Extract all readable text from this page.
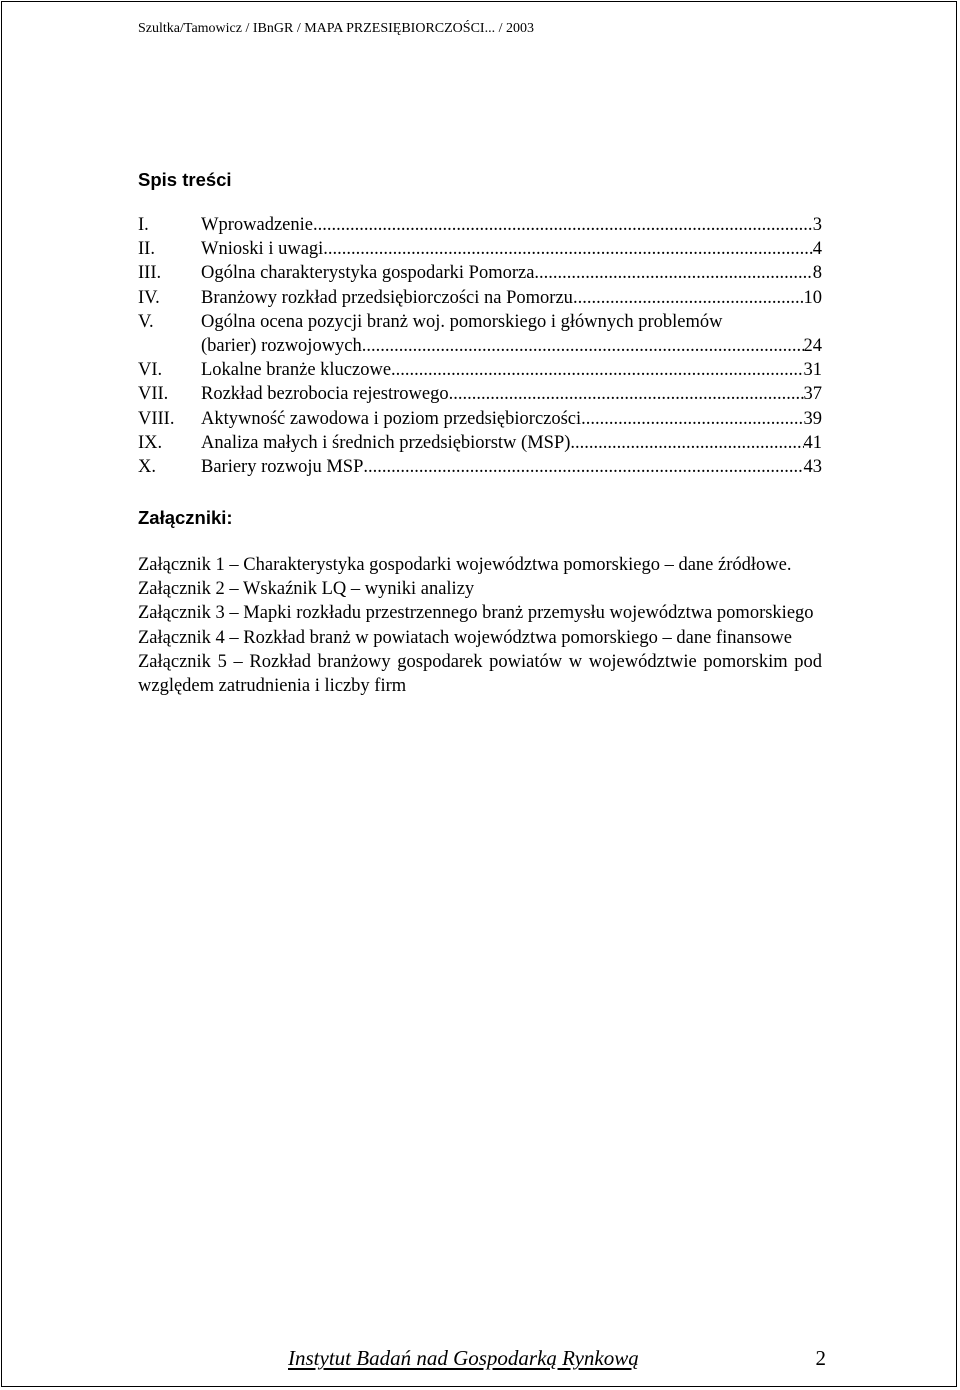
Szultka/Tamowicz / IBnGR / MAPA PRZESIĘBIORCZOŚCI... / 2003
Spis treści
I.	Wprowadzenie .....	3
II.	Wnioski i uwagi .....	4
III.	Ogólna charakterystyka gospodarki Pomorza .....	8
IV.	Branżowy rozkład przedsiębiorczości na Pomorzu .....	10
V.	Ogólna ocena pozycji branż woj. pomorskiego i głównych problemów
(barier) rozwojowych .....	24
VI.	Lokalne branże kluczowe .....	31
VII.	Rozkład bezrobocia rejestrowego .....	37
VIII.	Aktywność zawodowa i poziom przedsiębiorczości .....	39
IX.	Analiza małych i średnich przedsiębiorstw (MSP) .....	41
X.	Bariery rozwoju MSP .....	43
Załączniki:

Załącznik 1 – Charakterystyka gospodarki województwa pomorskiego – dane źródłowe.

Załącznik 2 – Wskaźnik LQ – wyniki analizy

Załącznik 3 – Mapki rozkładu przestrzennego branż przemysłu województwa pomorskiego

Załącznik 4 – Rozkład branż w powiatach województwa pomorskiego – dane finansowe

Załącznik 5 – Rozkład branżowy gospodarek powiatów w województwie pomorskim pod względem zatrudnienia i liczby firm

Instytut Badań nad Gospodarką Rynkową	2
